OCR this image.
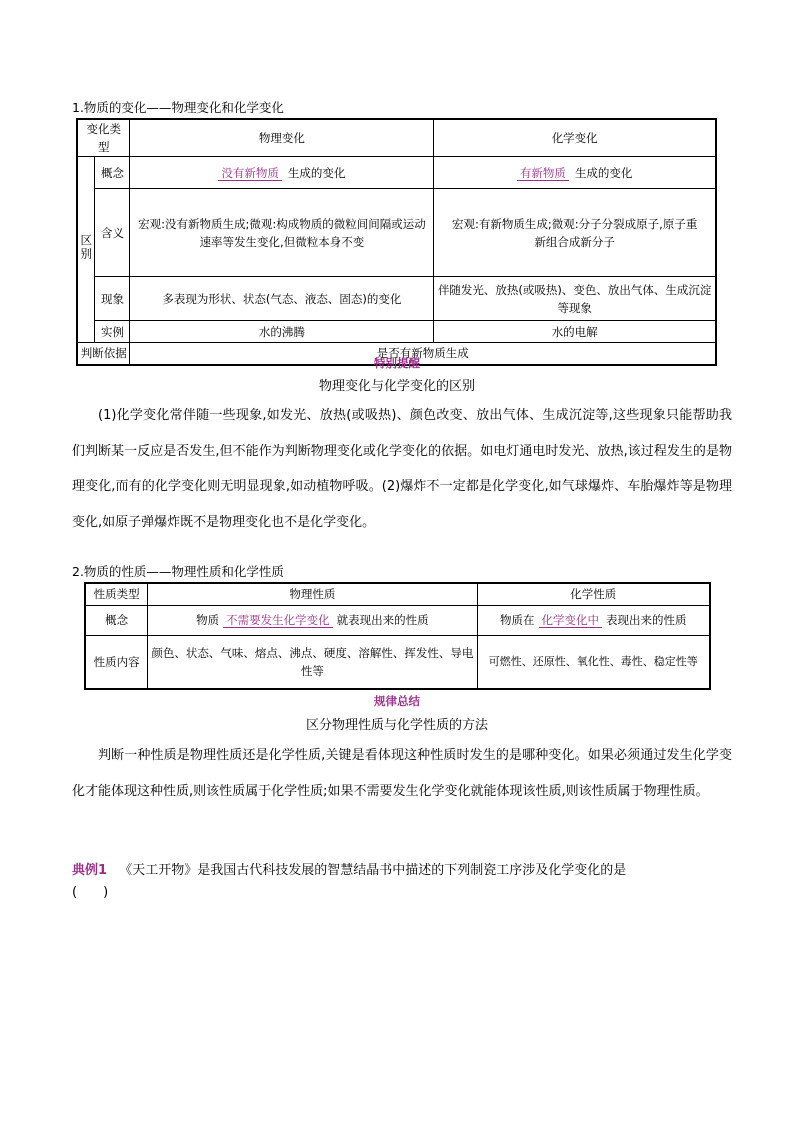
1.物质的变化——物理变化和化学变化
变化类型		物理变化	化学变化
区别	概念	没有新物质 生成的变化	有新物质 生成的变化
	含义	宏观:没有新物质生成;微观:构成物质的微粒间间隔或运动速率等发生变化,但微粒本身不变	宏观:有新物质生成;微观:分子分裂成原子,原子重新组合成新分子
	现象	多表现为形状、状态(气态、液态、固态)的变化	伴随发光、放热(或吸热)、变色、放出气体、生成沉淀等现象
	实例	水的沸腾	水的电解
判断依据		是否有新物质生成	
特别提醒
物理变化与化学变化的区别

(1)化学变化常伴随一些现象,如发光、放热(或吸热)、颜色改变、放出气体、生成沉淀等,这些现象只能帮助我们判断某一反应是否发生,但不能作为判断物理变化或化学变化的依据。如电灯通电时发光、放热,该过程发生的是物理变化,而有的化学变化则无明显现象,如动植物呼吸。(2)爆炸不一定都是化学变化,如气球爆炸、车胎爆炸等是物理变化,如原子弹爆炸既不是物理变化也不是化学变化。

2.物质的性质——物理性质和化学性质
性质类型	物理性质	化学性质
概念	物质 不需要发生化学变化 就表现出来的性质	物质在 化学变化中 表现出来的性质
性质内容	颜色、状态、气味、熔点、沸点、硬度、溶解性、挥发性、导电性等	可燃性、还原性、氧化性、毒性、稳定性等
规律总结
区分物理性质与化学性质的方法

判断一种性质是物理性质还是化学性质,关键是看体现这种性质时发生的是哪种变化。如果必须通过发生化学变化才能体现这种性质,则该性质属于化学性质;如果不需要发生化学变化就能体现该性质,则该性质属于物理性质。

典例1 《天工开物》是我国古代科技发展的智慧结晶书中描述的下列制瓷工序涉及化学变化的是
(　　)
